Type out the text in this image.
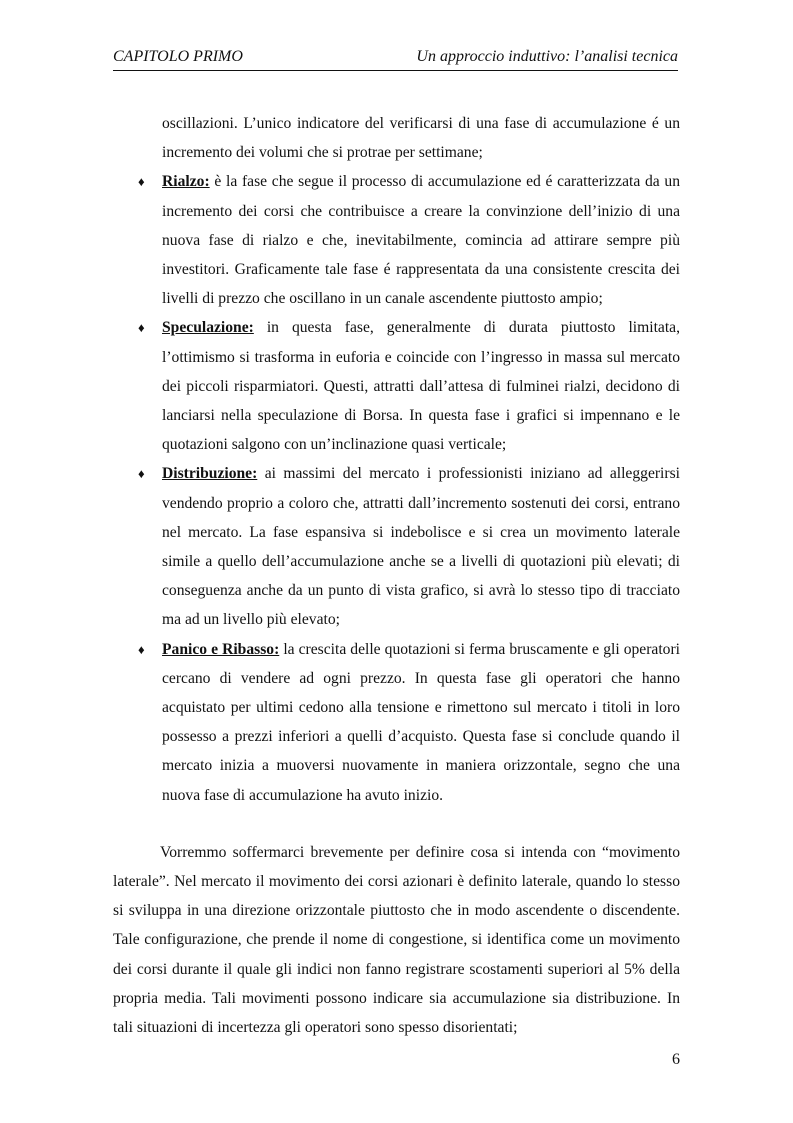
CAPITOLO PRIMO	Un approccio induttivo: l’analisi tecnica
oscillazioni. L’unico indicatore del verificarsi di una fase di accumulazione é un incremento dei volumi che si protrae per settimane;
♦ Rialzo: è la fase che segue il processo di accumulazione ed é caratterizzata da un incremento dei corsi che contribuisce a creare la convinzione dell’inizio di una nuova fase di rialzo e che, inevitabilmente, comincia ad attirare sempre più investitori. Graficamente tale fase é rappresentata da una consistente crescita dei livelli di prezzo che oscillano in un canale ascendente piuttosto ampio;
♦ Speculazione: in questa fase, generalmente di durata piuttosto limitata, l’ottimismo si trasforma in euforia e coincide con l’ingresso in massa sul mercato dei piccoli risparmiatori. Questi, attratti dall’attesa di fulminei rialzi, decidono di lanciarsi nella speculazione di Borsa. In questa fase i grafici si impennano e le quotazioni salgono con un’inclinazione quasi verticale;
♦ Distribuzione: ai massimi del mercato i professionisti iniziano ad alleggerirsi vendendo proprio a coloro che, attratti dall’incremento sostenuti dei corsi, entrano nel mercato. La fase espansiva si indebolisce e si crea un movimento laterale simile a quello dell’accumulazione anche se a livelli di quotazioni più elevati; di conseguenza anche da un punto di vista grafico, si avrà lo stesso tipo di tracciato ma ad un livello più elevato;
♦ Panico e Ribasso: la crescita delle quotazioni si ferma bruscamente e gli operatori cercano di vendere ad ogni prezzo. In questa fase gli operatori che hanno acquistato per ultimi cedono alla tensione e rimettono sul mercato i titoli in loro possesso a prezzi inferiori a quelli d’acquisto. Questa fase si conclude quando il mercato inizia a muoversi nuovamente in maniera orizzontale, segno che una nuova fase di accumulazione ha avuto inizio.

Vorremmo soffermarci brevemente per definire cosa si intenda con “movimento laterale”. Nel mercato il movimento dei corsi azionari è definito laterale, quando lo stesso si sviluppa in una direzione orizzontale piuttosto che in modo ascendente o discendente. Tale configurazione, che prende il nome di congestione, si identifica come un movimento dei corsi durante il quale gli indici non fanno registrare scostamenti superiori al 5% della propria media. Tali movimenti possono indicare sia accumulazione sia distribuzione. In tali situazioni di incertezza gli operatori sono spesso disorientati;

6
